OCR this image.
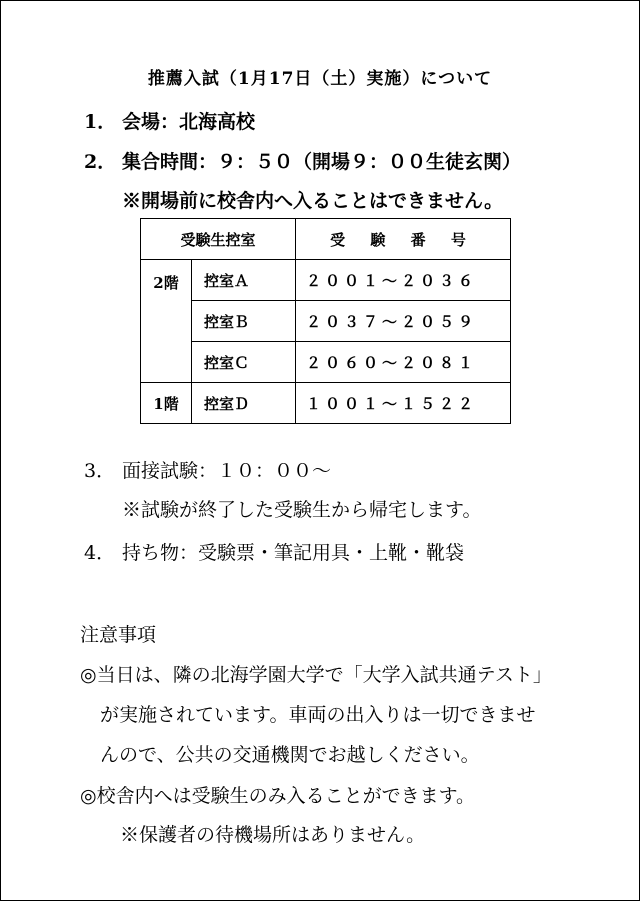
推薦入試（1月17日（土）実施）について
1． 会場：北海高校
2． 集合時間：９：５０（開場９：００生徒玄関）
※開場前に校舎内へ入ることはできません。
受験生控室		受 験 番 号
2階	控室Ａ	２００１～２０３６
	控室Ｂ	２０３７～２０５９
	控室Ｃ	２０６０～２０８１
1階	控室Ｄ	１００１～１５２２
3． 面接試験：１０：００～
※試験が終了した受験生から帰宅します。
4． 持ち物：受験票・筆記用具・上靴・靴袋
注意事項
◎当日は、隣の北海学園大学で「大学入試共通テスト」
が実施されています。車両の出入りは一切できませ
んので、公共の交通機関でお越しください。
◎校舎内へは受験生のみ入ることができます。
※保護者の待機場所はありません。
